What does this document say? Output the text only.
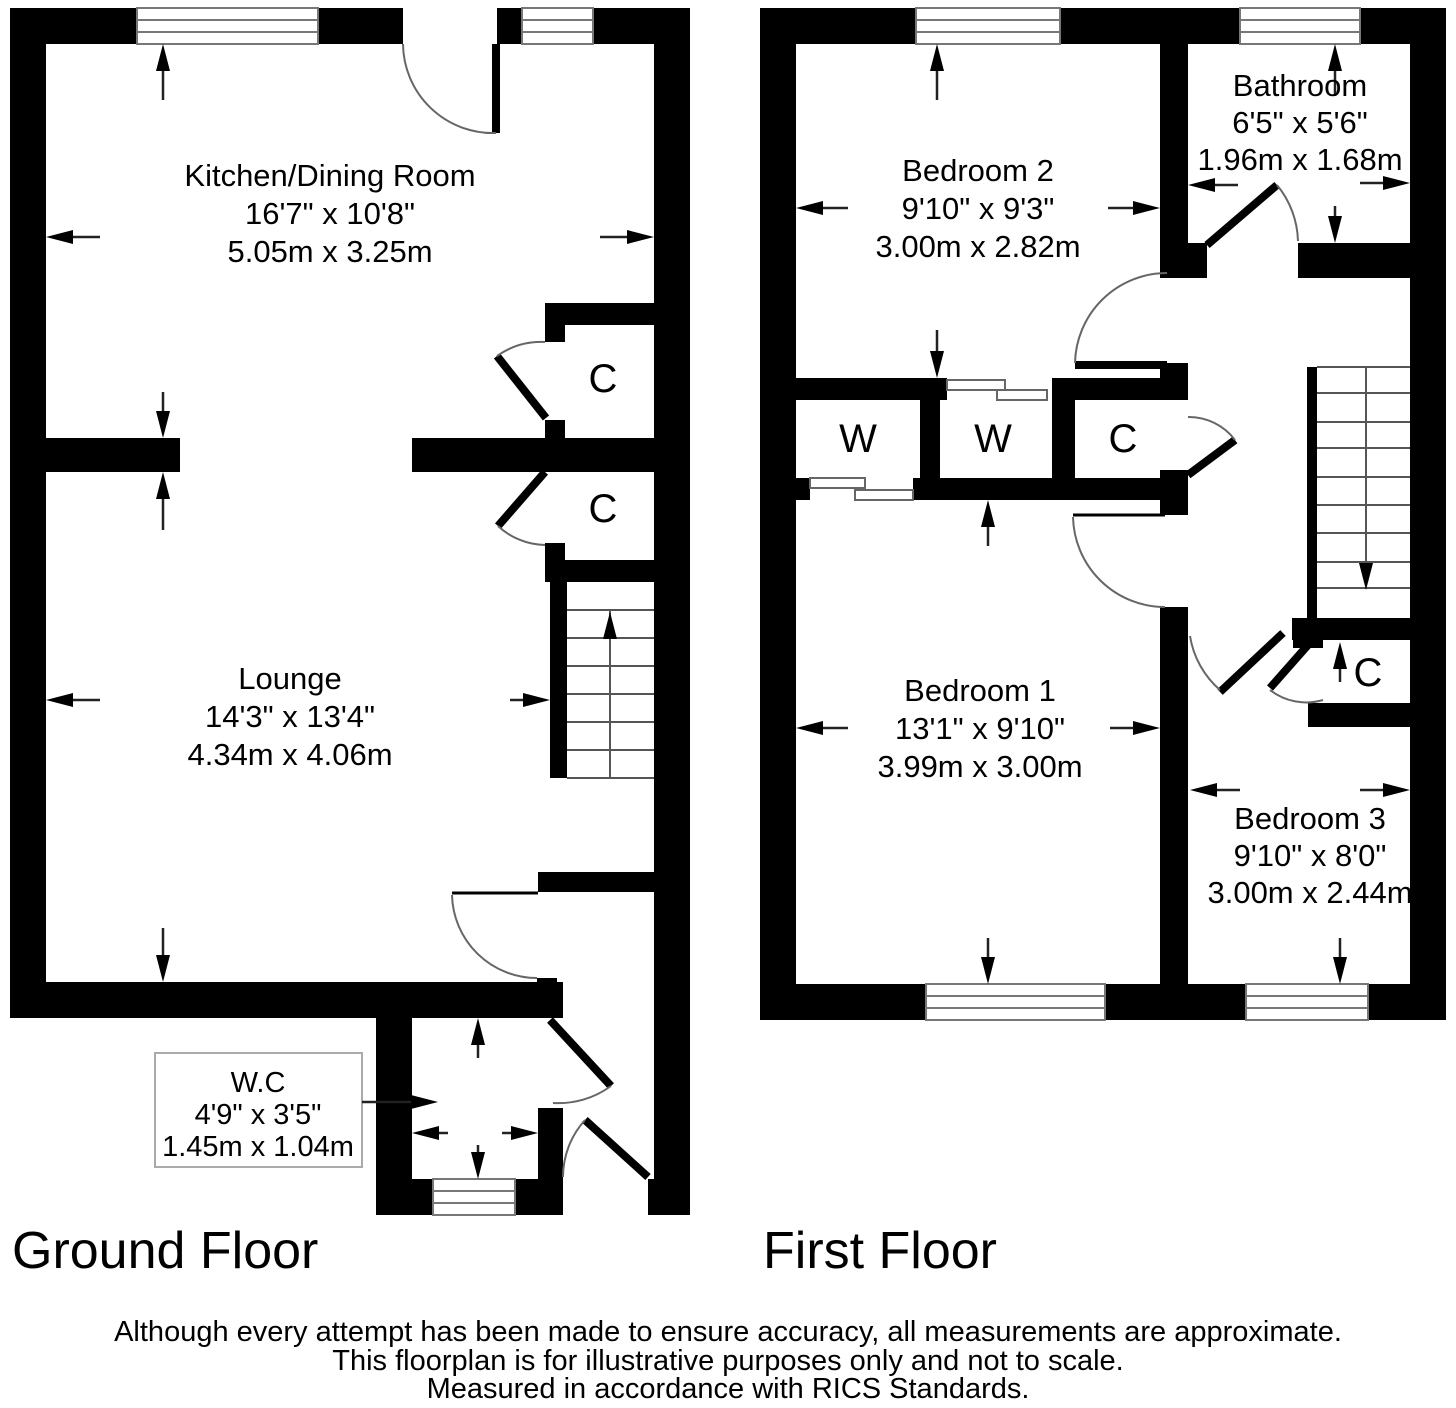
W.C
4'9" x 3'5"
1.45m x 1.04m
Kitchen/Dining Room
16'7" x 10'8"
5.05m x 3.25m
Lounge
14'3" x 13'4"
4.34m x 4.06m
C
C
Ground Floor
Bedroom 2
9'10" x 9'3"
3.00m x 2.82m
Bathroom
6'5" x 5'6"
1.96m x 1.68m
Bedroom 1
13'1" x 9'10"
3.99m x 3.00m
Bedroom 3
9'10" x 8'0"
3.00m x 2.44m
W W C
C
First Floor
Although every attempt has been made to ensure accuracy, all measurements are approximate.
This floorplan is for illustrative purposes only and not to scale.
Measured in accordance with RICS Standards.
